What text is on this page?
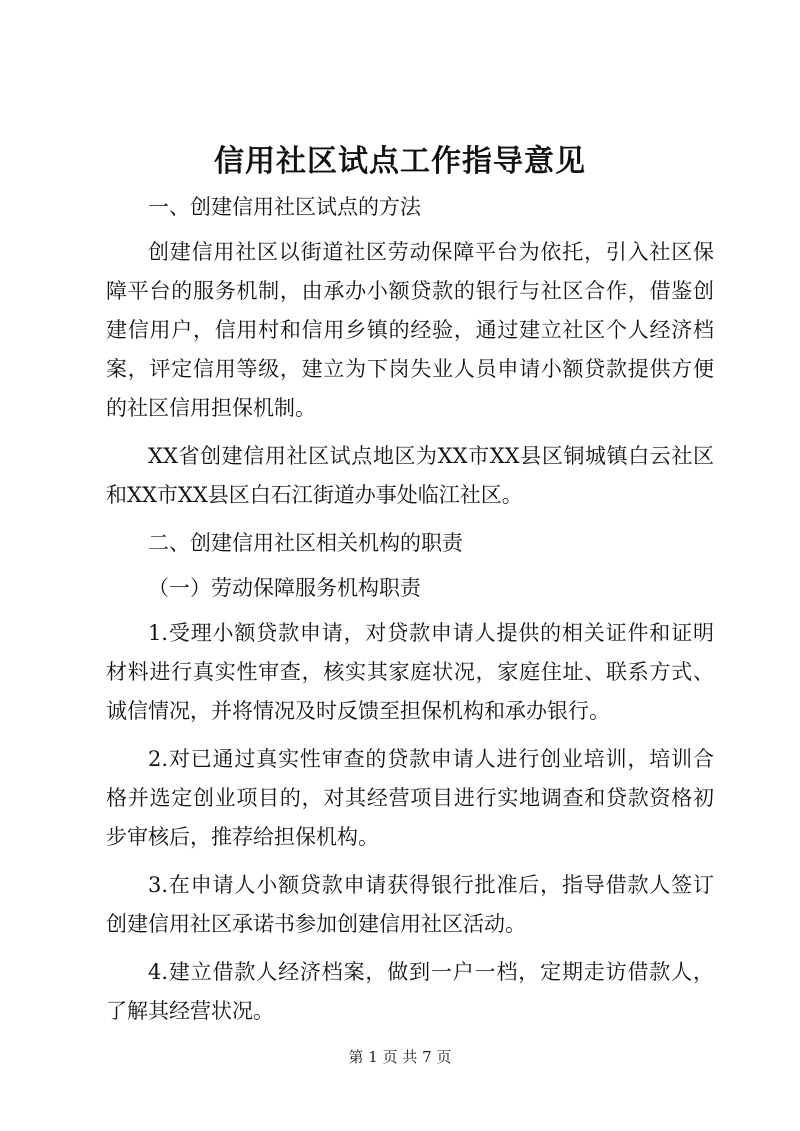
信用社区试点工作指导意见

一、创建信用社区试点的方法

创建信用社区以街道社区劳动保障平台为依托，引入社区保障平台的服务机制，由承办小额贷款的银行与社区合作，借鉴创建信用户，信用村和信用乡镇的经验，通过建立社区个人经济档案，评定信用等级，建立为下岗失业人员申请小额贷款提供方便的社区信用担保机制。

XX省创建信用社区试点地区为XX市XX县区铜城镇白云社区和XX市XX县区白石江街道办事处临江社区。

二、创建信用社区相关机构的职责

（一）劳动保障服务机构职责

1.受理小额贷款申请，对贷款申请人提供的相关证件和证明材料进行真实性审查，核实其家庭状况，家庭住址、联系方式、诚信情况，并将情况及时反馈至担保机构和承办银行。

2.对已通过真实性审查的贷款申请人进行创业培训，培训合格并选定创业项目的，对其经营项目进行实地调查和贷款资格初步审核后，推荐给担保机构。

3.在申请人小额贷款申请获得银行批准后，指导借款人签订创建信用社区承诺书参加创建信用社区活动。

4.建立借款人经济档案，做到一户一档，定期走访借款人，了解其经营状况。

第 1 页 共 7 页
